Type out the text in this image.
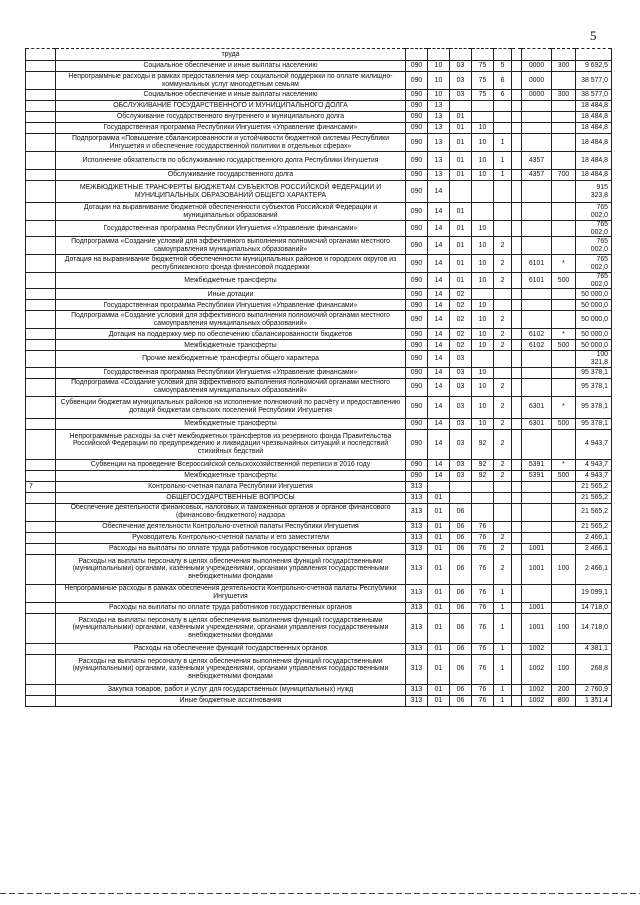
5
	труда									
	Социальное обеспечение и иные выплаты населению	090	10	03	75	5		0000	300	9 692,5
	Непрограммные расходы в рамках предоставления мер социальной поддержки по оплате жилищно-коммунальных услуг многодетным семьям	090	10	03	75	6		0000		38 577,0
	Социальное обеспечение и иные выплаты населению	090	10	03	75	6		0000	300	38 577,0
	ОБСЛУЖИВАНИЕ ГОСУДАРСТВЕННОГО И МУНИЦИПАЛЬНОГО ДОЛГА	090	13							18 484,8
	Обслуживание государственного внутреннего и муниципального долга	090	13	01						18 484,8
	Государственная программа Республики Ингушетия «Управление финансами»	090	13	01	10					18 484,8
	Подпрограмма «Повышение сбалансированности и устойчивости бюджетной системы Республики Ингушетия и обеспечение государственной политики в отдельных сферах»	090	13	01	10	1				18 484,8
	Исполнение обязательств по обслуживанию государственного долга Республики Ингушетия	090	13	01	10	1		4357		18 484,8
	Обслуживание государственного долга	090	13	01	10	1		4357	700	18 484,8
	МЕЖБЮДЖЕТНЫЕ ТРАНСФЕРТЫ БЮДЖЕТАМ СУБЪЕКТОВ РОССИЙСКОЙ ФЕДЕРАЦИИ И МУНИЦИПАЛЬНЫХ ОБРАЗОВАНИЙ ОБЩЕГО ХАРАКТЕРА	090	14							915 323,8
	Дотации на выравнивание бюджетной обеспеченности субъектов Российской Федерации и муниципальных образований	090	14	01						765 002,0
	Государственная программа Республики Ингушетия «Управление финансами»	090	14	01	10					765 002,0
	Подпрограмма «Создание условий для эффективного выполнения полномочий органами местного самоуправления муниципальных образований»	090	14	01	10	2				765 002,0
	Дотация на выравнивание бюджетной обеспеченности муниципальных районов и городских округов из республиканского фонда финансовой поддержки	090	14	01	10	2		6101	*	765 002,0
	Межбюджетные трансферты	090	14	01	10	2		6101	500	765 002,0
	Иные дотации	090	14	02						50 000,0
	Государственная программа Республики Ингушетия «Управление финансами»	090	14	02	10					50 000,0
	Подпрограмма «Создание условий для эффективного выполнения полномочий органами местного самоуправления муниципальных образований»	090	14	02	10	2				50 000,0
	Дотация на поддержку мер по обеспечению сбалансированности бюджетов	090	14	02	10	2		6102	*	50 000,0
	Межбюджетные трансферты	090	14	02	10	2		6102	500	50 000,0
	Прочие межбюджетные трансферты общего характера	090	14	03						100 321,8
	Государственная программа Республики Ингушетия «Управление финансами»	090	14	03	10					95 378,1
	Подпрограмма «Создание условий для эффективного выполнения полномочий органами местного самоуправления муниципальных образований»	090	14	03	10	2				95 378,1
	Субвенции бюджетам муниципальных районов на исполнение полномочий по расчёту и предоставлению дотаций бюджетам сельских поселений Республики Ингушетия	090	14	03	10	2		6301	*	95 378,1
	Межбюджетные трансферты	090	14	03	10	2		6301	500	95 378,1
	Непрограммные расходы за счёт межбюджетных трансфертов из резервного фонда Правительства Российской Федерации по предупреждению и ликвидации чрезвычайных ситуаций и последствий стихийных бедствий	090	14	03	92	2				4 943,7
	Субвенции на проведение Всероссийской сельскохозяйственной переписи в 2016 году	090	14	03	92	2		5391	*	4 943,7
	Межбюджетные трансферты	090	14	03	92	2		5391	500	4 943,7
7	Контрольно-счетная палата Республики Ингушетия	313								21 565,2
	ОБЩЕГОСУДАРСТВЕННЫЕ ВОПРОСЫ	313	01							21 565,2
	Обеспечение деятельности финансовых, налоговых и таможенных органов и органов финансового (финансово-бюджетного) надзора	313	01	06						21 565,2
	Обеспечение деятельности Контрольно-счетной палаты Республики Ингушетия	313	01	06	76					21 565,2
	Руководитель Контрольно-счетной палаты и его заместители	313	01	06	76	2				2 466,1
	Расходы на выплаты по оплате труда работников государственных органов	313	01	06	76	2		1001		2 466,1
	Расходы на выплаты персоналу в целях обеспечения выполнения функций государственными (муниципальными) органами, казёнными учреждениями, органами управления государственными внебюджетными фондами	313	01	06	76	2		1001	100	2 466,1
	Непрограммные расходы в рамках обеспечения деятельности Контрольно-счетной палаты Республики Ингушетия	313	01	06	76	1				19 099,1
	Расходы на выплаты по оплате труда работников государственных органов	313	01	06	76	1		1001		14 718,0
	Расходы на выплаты персоналу в целях обеспечения выполнения функций государственными (муниципальными) органами, казёнными учреждениями, органами управления государственными внебюджетными фондами	313	01	06	76	1		1001	100	14 718,0
	Расходы на обеспечение функций государственных органов	313	01	06	76	1		1002		4 381,1
	Расходы на выплаты персоналу в целях обеспечения выполнения функций государственными (муниципальными) органами, казёнными учреждениями, органами управления государственными внебюджетными фондами	313	01	06	76	1		1002	100	268,8
	Закупка товаров, работ и услуг для государственных (муниципальных) нужд	313	01	06	76	1		1002	200	2 760,9
	Иные бюджетные ассигнования	313	01	06	76	1		1002	800	1 351,4
